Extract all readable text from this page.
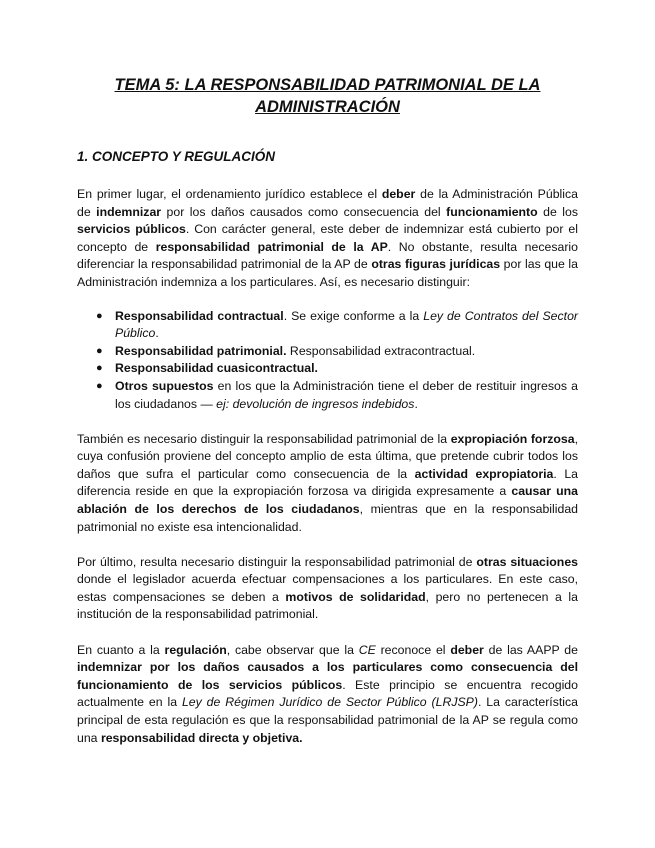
TEMA 5: LA RESPONSABILIDAD PATRIMONIAL DE LA ADMINISTRACIÓN
1. CONCEPTO Y REGULACIÓN

En primer lugar, el ordenamiento jurídico establece el deber de la Administración Pública de indemnizar por los daños causados como consecuencia del funcionamiento de los servicios públicos. Con carácter general, este deber de indemnizar está cubierto por el concepto de responsabilidad patrimonial de la AP. No obstante, resulta necesario diferenciar la responsabilidad patrimonial de la AP de otras figuras jurídicas por las que la Administración indemniza a los particulares. Así, es necesario distinguir:

● Responsabilidad contractual. Se exige conforme a la Ley de Contratos del Sector Público.
● Responsabilidad patrimonial. Responsabilidad extracontractual.
● Responsabilidad cuasicontractual.
● Otros supuestos en los que la Administración tiene el deber de restituir ingresos a los ciudadanos — ej: devolución de ingresos indebidos.

También es necesario distinguir la responsabilidad patrimonial de la expropiación forzosa, cuya confusión proviene del concepto amplio de esta última, que pretende cubrir todos los daños que sufra el particular como consecuencia de la actividad expropiatoria. La diferencia reside en que la expropiación forzosa va dirigida expresamente a causar una ablación de los derechos de los ciudadanos, mientras que en la responsabilidad patrimonial no existe esa intencionalidad.

Por último, resulta necesario distinguir la responsabilidad patrimonial de otras situaciones donde el legislador acuerda efectuar compensaciones a los particulares. En este caso, estas compensaciones se deben a motivos de solidaridad, pero no pertenecen a la institución de la responsabilidad patrimonial.

En cuanto a la regulación, cabe observar que la CE reconoce el deber de las AAPP de indemnizar por los daños causados a los particulares como consecuencia del funcionamiento de los servicios públicos. Este principio se encuentra recogido actualmente en la Ley de Régimen Jurídico de Sector Público (LRJSP). La característica principal de esta regulación es que la responsabilidad patrimonial de la AP se regula como una responsabilidad directa y objetiva.
